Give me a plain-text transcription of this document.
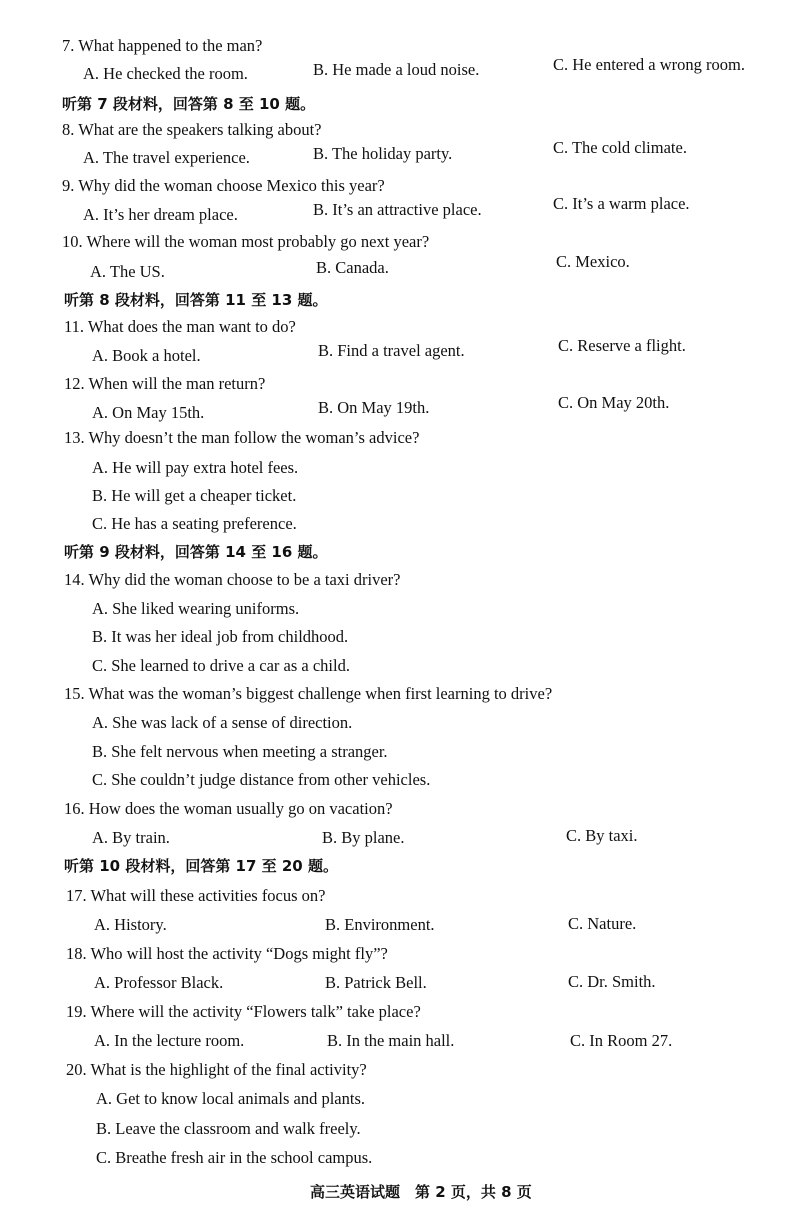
7. What happened to the man?
A. He checked the room.	B. He made a loud noise.	C. He entered a wrong room.
听第 7 段材料，回答第 8 至 10 题。
8. What are the speakers talking about?
A. The travel experience.	B. The holiday party.	C. The cold climate.
9. Why did the woman choose Mexico this year?
A. It’s her dream place.	B. It’s an attractive place.	C. It’s a warm place.
10. Where will the woman most probably go next year?
A. The US.	B. Canada.	C. Mexico.
听第 8 段材料，回答第 11 至 13 题。
11. What does the man want to do?
A. Book a hotel.	B. Find a travel agent.	C. Reserve a flight.
12. When will the man return?
A. On May 15th.	B. On May 19th.	C. On May 20th.
13. Why doesn’t the man follow the woman’s advice?
A. He will pay extra hotel fees.
B. He will get a cheaper ticket.
C. He has a seating preference.
听第 9 段材料，回答第 14 至 16 题。
14. Why did the woman choose to be a taxi driver?
A. She liked wearing uniforms.
B. It was her ideal job from childhood.
C. She learned to drive a car as a child.
15. What was the woman’s biggest challenge when first learning to drive?
A. She was lack of a sense of direction.
B. She felt nervous when meeting a stranger.
C. She couldn’t judge distance from other vehicles.
16. How does the woman usually go on vacation?
A. By train.	B. By plane.	C. By taxi.
听第 10 段材料，回答第 17 至 20 题。
17. What will these activities focus on?
A. History.	B. Environment.	C. Nature.
18. Who will host the activity “Dogs might fly”?
A. Professor Black.	B. Patrick Bell.	C. Dr. Smith.
19. Where will the activity “Flowers talk” take place?
A. In the lecture room.	B. In the main hall.	C. In Room 27.
20. What is the highlight of the final activity?
A. Get to know local animals and plants.
B. Leave the classroom and walk freely.
C. Breathe fresh air in the school campus.
高三英语试题　第 2 页，共 8 页
